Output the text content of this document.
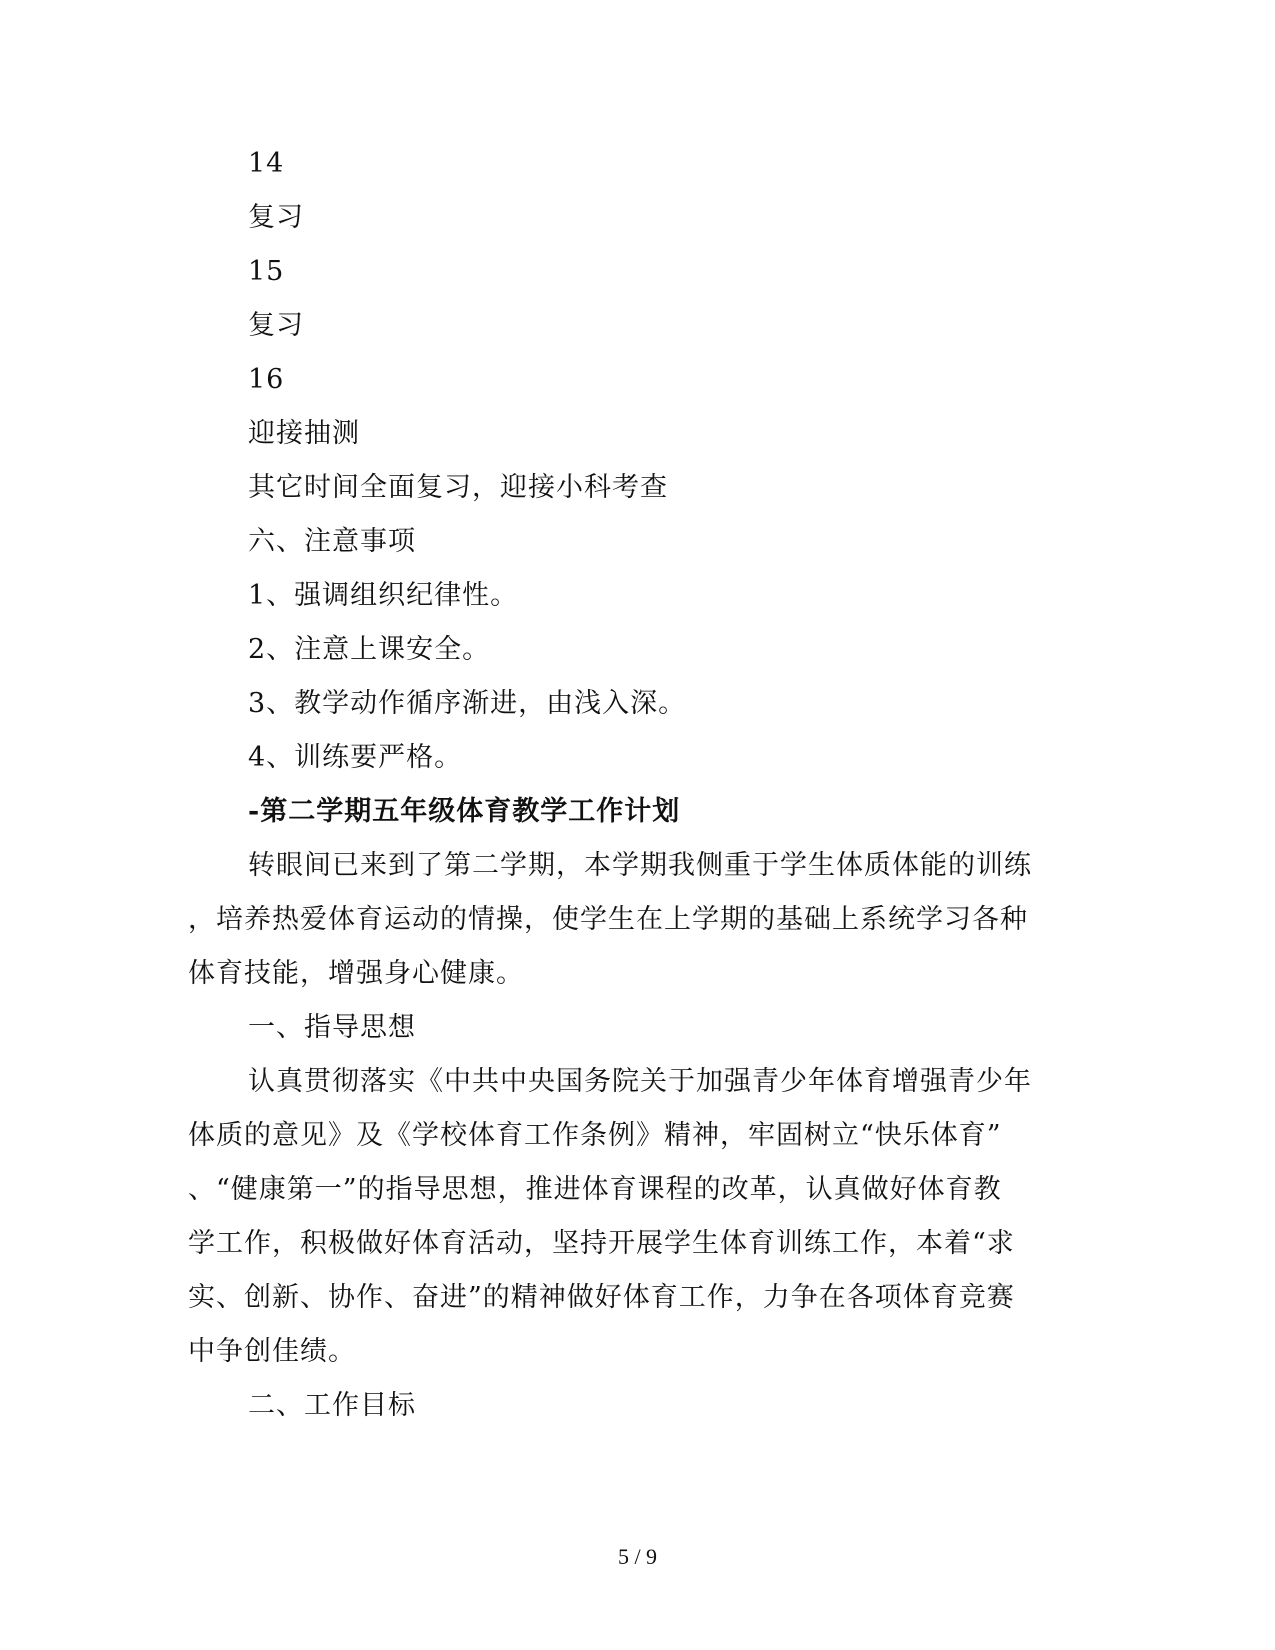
14
复习
15
复习
16
迎接抽测
其它时间全面复习，迎接小科考查
六、注意事项
1、强调组织纪律性。
2、注意上课安全。
3、教学动作循序渐进，由浅入深。
4、训练要严格。
-第二学期五年级体育教学工作计划
转眼间已来到了第二学期，本学期我侧重于学生体质体能的训练
，培养热爱体育运动的情操，使学生在上学期的基础上系统学习各种
体育技能，增强身心健康。
一、指导思想
认真贯彻落实《中共中央国务院关于加强青少年体育增强青少年
体质的意见》及《学校体育工作条例》精神，牢固树立“快乐体育”
、“健康第一”的指导思想，推进体育课程的改革，认真做好体育教
学工作，积极做好体育活动，坚持开展学生体育训练工作，本着“求
实、创新、协作、奋进”的精神做好体育工作，力争在各项体育竞赛
中争创佳绩。
二、工作目标
5 / 9
